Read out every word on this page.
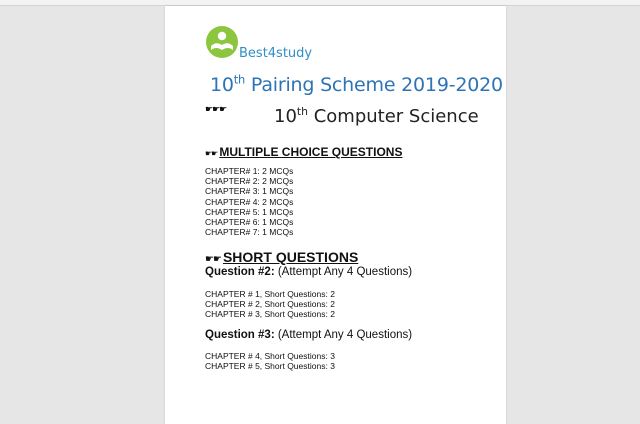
Best4study
10th Pairing Scheme 2019-2020
☛☛☛	10th Computer Science
☛☛ MULTIPLE CHOICE QUESTIONS
CHAPTER# 1: 2 MCQs
CHAPTER# 2: 2 MCQs
CHAPTER# 3: 1 MCQs
CHAPTER# 4: 2 MCQs
CHAPTER# 5: 1 MCQs
CHAPTER# 6: 1 MCQs
CHAPTER# 7: 1 MCQs
☛☛ SHORT QUESTIONS
Question #2: (Attempt Any 4 Questions)
CHAPTER # 1, Short Questions: 2
CHAPTER # 2, Short Questions: 2
CHAPTER # 3, Short Questions: 2
Question #3: (Attempt Any 4 Questions)
CHAPTER # 4, Short Questions: 3
CHAPTER # 5, Short Questions: 3
